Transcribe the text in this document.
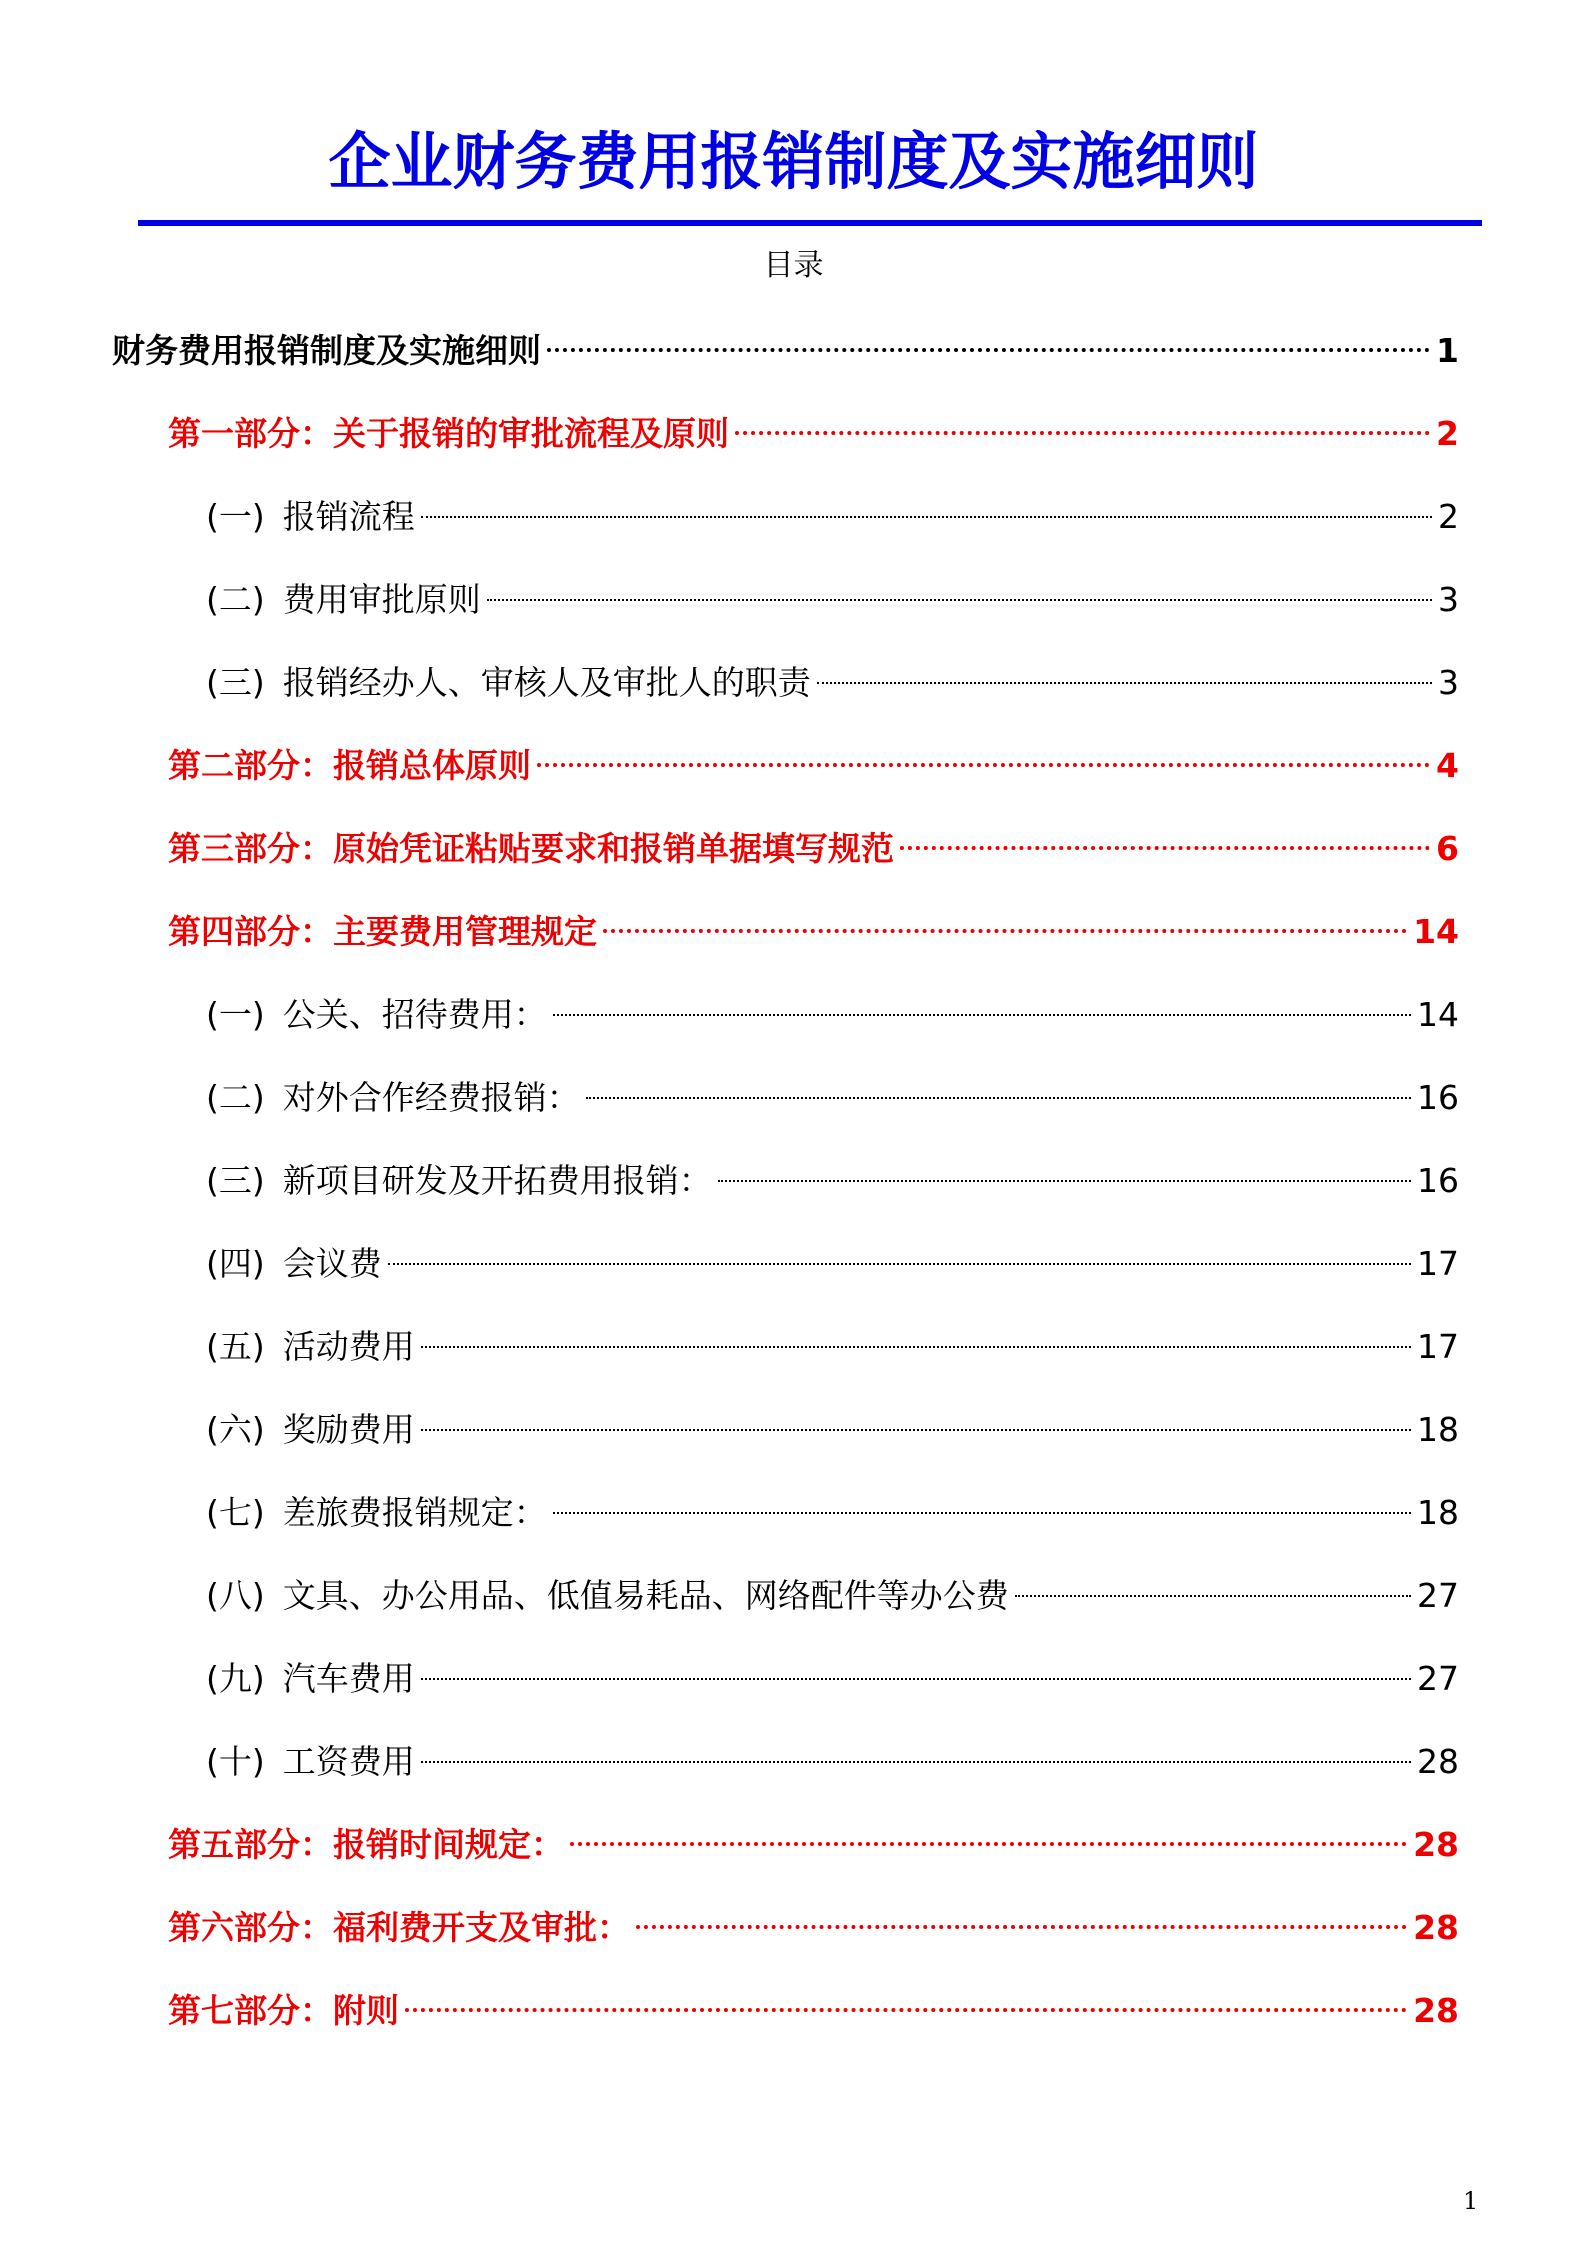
企业财务费用报销制度及实施细则
目录
财务费用报销制度及实施细则	1
第一部分：关于报销的审批流程及原则	2
(一) 报销流程	2
(二) 费用审批原则	3
(三) 报销经办人、审核人及审批人的职责	3
第二部分：报销总体原则	4
第三部分：原始凭证粘贴要求和报销单据填写规范	6
第四部分：主要费用管理规定	14
(一) 公关、招待费用：	14
(二) 对外合作经费报销：	16
(三) 新项目研发及开拓费用报销：	16
(四) 会议费	17
(五) 活动费用	17
(六) 奖励费用	18
(七) 差旅费报销规定：	18
(八) 文具、办公用品、低值易耗品、网络配件等办公费	27
(九) 汽车费用	27
(十) 工资费用	28
第五部分：报销时间规定：	28
第六部分：福利费开支及审批：	28
第七部分：附则	28
1
